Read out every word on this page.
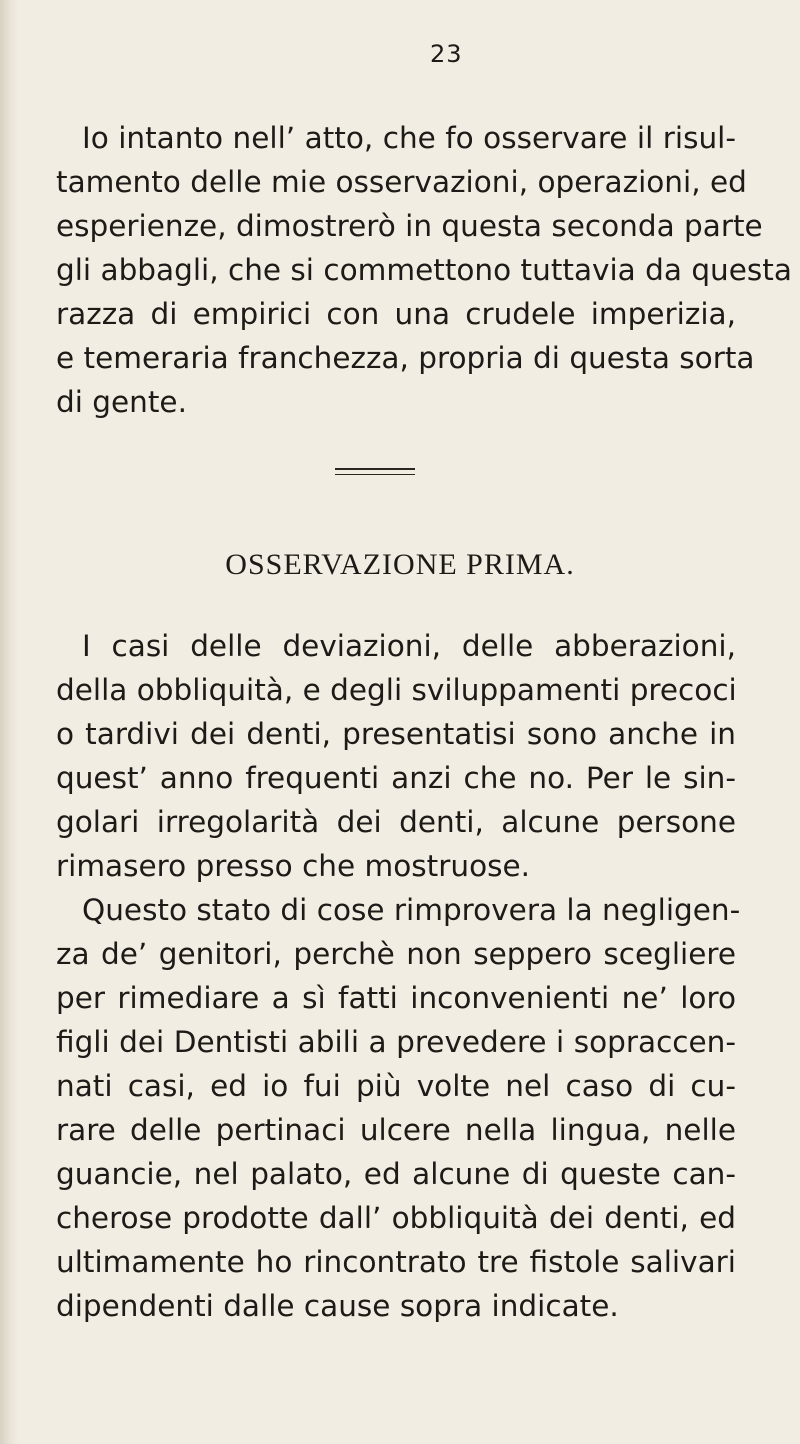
23
Io intanto nell’ atto, che fo osservare il risul-
tamento delle mie osservazioni, operazioni, ed
esperienze, dimostrerò in questa seconda parte
gli abbagli, che si commettono tuttavia da questa
razza di empirici con una crudele imperizia,
e temeraria franchezza, propria di questa sorta
di gente.
OSSERVAZIONE PRIMA.
I casi delle deviazioni, delle abberazioni,
della obbliquità, e degli sviluppamenti precoci
o tardivi dei denti, presentatisi sono anche in
quest’ anno frequenti anzi che no. Per le sin-
golari irregolarità dei denti, alcune persone
rimasero presso che mostruose.
Questo stato di cose rimprovera la negligen-
za de’ genitori, perchè non seppero scegliere
per rimediare a sì fatti inconvenienti ne’ loro
figli dei Dentisti abili a prevedere i sopraccen-
nati casi, ed io fui più volte nel caso di cu-
rare delle pertinaci ulcere nella lingua, nelle
guancie, nel palato, ed alcune di queste can-
cherose prodotte dall’ obbliquità dei denti, ed
ultimamente ho rincontrato tre fistole salivari
dipendenti dalle cause sopra indicate.
